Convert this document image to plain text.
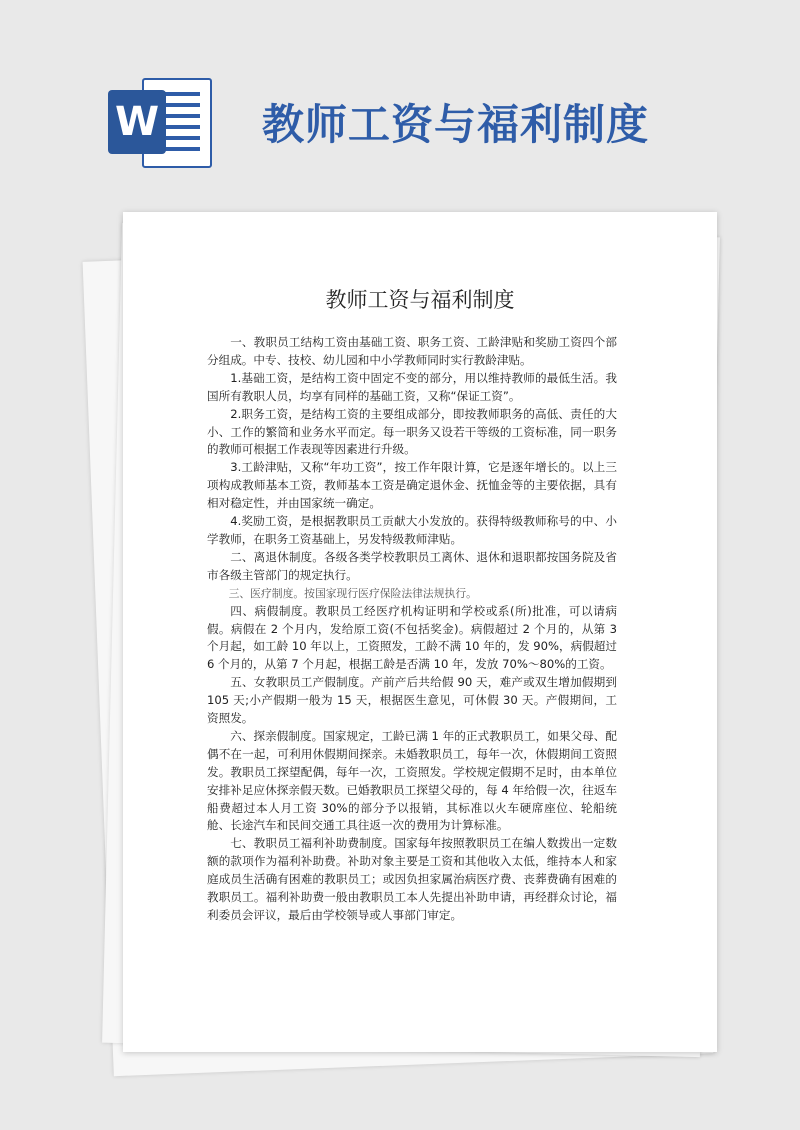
W 教师工资与福利制度
教师工资与福利制度

一、教职员工结构工资由基础工资、职务工资、工龄津贴和奖励工资四个部分组成。中专、技校、幼儿园和中小学教师同时实行教龄津贴。

1.基础工资，是结构工资中固定不变的部分，用以维持教师的最低生活。我国所有教职人员，均享有同样的基础工资，又称“保证工资”。

2.职务工资，是结构工资的主要组成部分，即按教师职务的高低、责任的大小、工作的繁简和业务水平而定。每一职务又设若干等级的工资标准，同一职务的教师可根据工作表现等因素进行升级。

3.工龄津贴，又称“年功工资”，按工作年限计算，它是逐年增长的。以上三项构成教师基本工资，教师基本工资是确定退休金、抚恤金等的主要依据，具有相对稳定性，并由国家统一确定。

4.奖励工资，是根据教职员工贡献大小发放的。获得特级教师称号的中、小学教师，在职务工资基础上，另发特级教师津贴。

二、离退休制度。各级各类学校教职员工离休、退休和退职都按国务院及省市各级主管部门的规定执行。

三、医疗制度。按国家现行医疗保险法律法规执行。

四、病假制度。教职员工经医疗机构证明和学校或系(所)批准，可以请病假。病假在 2 个月内，发给原工资(不包括奖金)。病假超过 2 个月的，从第 3 个月起，如工龄 10 年以上，工资照发，工龄不满 10 年的，发 90%，病假超过 6 个月的，从第 7 个月起，根据工龄是否满 10 年，发放 70%～80%的工资。

五、女教职员工产假制度。产前产后共给假 90 天，难产或双生增加假期到 105 天;小产假期一般为 15 天，根据医生意见，可休假 30 天。产假期间，工资照发。

六、探亲假制度。国家规定，工龄已满 1 年的正式教职员工，如果父母、配偶不在一起，可利用休假期间探亲。未婚教职员工，每年一次，休假期间工资照发。教职员工探望配偶，每年一次，工资照发。学校规定假期不足时，由本单位安排补足应休探亲假天数。已婚教职员工探望父母的，每 4 年给假一次，往返车船费超过本人月工资 30%的部分予以报销，其标准以火车硬席座位、轮船统舱、长途汽车和民间交通工具往返一次的费用为计算标准。

七、教职员工福利补助费制度。国家每年按照教职员工在编人数拨出一定数额的款项作为福利补助费。补助对象主要是工资和其他收入太低，维持本人和家庭成员生活确有困难的教职员工；或因负担家属治病医疗费、丧葬费确有困难的教职员工。福利补助费一般由教职员工本人先提出补助申请，再经群众讨论，福利委员会评议，最后由学校领导或人事部门审定。
